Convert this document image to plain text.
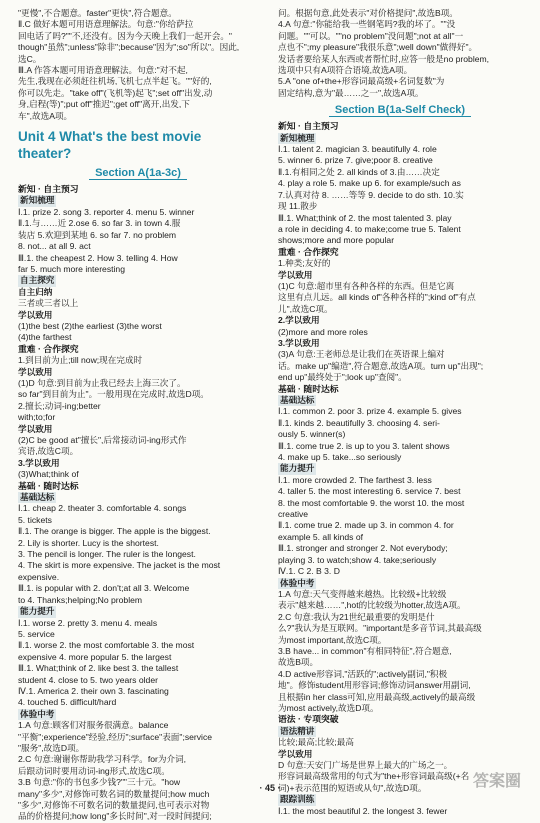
"更慢",不合题意。faster"更快",符合题意。

Ⅱ.C 做好本题可用语意理解法。句意:"你给萨拉

回电话了吗?""不,还没有。因为今天晚上我们一起开会。"

though"虽然";unless"除非";because"因为";so"所以"。因此,

选C。

Ⅲ.A 作答本题可用语意理解法。句意:"对不起,

先生,我现在必须赶往机场,飞机七点半起飞。""好的,

你可以先走。"take off"(飞机等)起飞";set off"出发,动

身,启程(等)";put off"推迟";get off"离开,出发,下

车",故选A项。

Unit 4 What's the best movie theater?
Section A(1a-3c)

新知 · 自主预习

新知梳理

Ⅰ.1. prize 2. song 3. reporter 4. menu 5. winner

Ⅱ.1.与……近 2.ose 6. so far 3. in town 4.服

装店 5.欢迎到某地 6. so far 7. no problem

8. not... at all 9. act

Ⅲ.1. the cheapest 2. How 3. telling 4. How

far 5. much more interesting

自主探究

自主归纳

三者或三者以上

学以致用

(1)the best (2)the earliest (3)the worst

(4)the farthest

重难 · 合作探究

1.到目前为止;till now;现在完成时

学以致用

(1)D 句意:到目前为止我已经去上海三次了。

so far"到目前为止"。一般用现在完成时,故选D项。

2.擅长;动词-ing;better

with;to;for

学以致用

(2)C be good at"擅长",后常接动词-ing形式作

宾语,故选C项。

3.学以致用

(3)What;think of

基础 · 随时达标

基础达标

Ⅰ.1. cheap 2. theater 3. comfortable 4. songs

5. tickets

Ⅱ.1. The orange is bigger. The apple is the biggest.

2. Lily is shorter. Lucy is the shortest.

3. The pencil is longer. The ruler is the longest.

4. The skirt is more expensive. The jacket is the most

expensive.

Ⅲ.1. is popular with 2. don't;at all 3. Welcome

to 4. Thanks;helping;No problem

能力提升

Ⅰ.1. worse 2. pretty 3. menu 4. meals

5. service

Ⅱ.1. worse 2. the most comfortable 3. the most

expensive 4. more popular 5. the largest

Ⅲ.1. What;think of 2. like best 3. the tallest

student 4. close to 5. two years older

Ⅳ.1. America 2. their own 3. fascinating

4. touched 5. difficult/hard

体验中考

1.A 句意:顾客们对服务很满意。balance

"平衡";experience"经验,经历";surface"表面";service

"服务",故选D项。

2.C 句意:谢谢你帮助我学习科学。for为介词,

后跟动词时要用动词-ing形式,故选C项。

3.B 句意:"你的书包多少钱?""三十元。"how

many"多少",对修饰可数名词的数量提问;how much

"多少",对修饰不可数名词的数量提问,也可表示对物

品的价格提问;how long"多长时间",对一段时间提问;

问。根据句意,此处表示"对价格提问",故选B项。

4.A 句意:"你能给我一些钢笔吗?我的坏了。""没

问题。""可以。""no problem"没问题";not at all"一

点也不";my pleasure"我很乐意";well down"做得好"。

发话者要给某人东西或者帮忙时,应答一般是no problem,

选项中只有A项符合语境,故选A项。

5.A "one of+the+形容词最高级+名词复数"为

固定结构,意为"最……之一",故选A项。

Section B(1a-Self Check)

新知 · 自主预习

新知梳理

Ⅰ.1. talent 2. magician 3. beautifully 4. role

5. winner 6. prize 7. give;poor 8. creative

Ⅱ.1.有相同之处 2. all kinds of 3.由……决定

4. play a role 5. make up 6. for example/such as

7.认真对待 8. ……等等 9. decide to do sth. 10.实

现 11.散步

Ⅲ.1. What;think of 2. the most talented 3. play

a role in deciding 4. to make;come true 5. Talent

shows;more and more popular

重难 · 合作探究

1.种类;友好的

学以致用

(1)C 句意:超市里有各种各样的东西。但是它离

这里有点儿远。all kinds of"各种各样的";kind of"有点

儿",故选C项。

2.学以致用

(2)more and more roles

3.学以致用

(3)A 句意:王老师总是让我们在英语课上编对

话。make up"编造",符合题意,故选A项。turn up"出现";

end up"最终处于";look up"查阅"。

基础 · 随时达标

基础达标

Ⅰ.1. common 2. poor 3. prize 4. example 5. gives

Ⅱ.1. kinds 2. beautifully 3. choosing 4. seri-

ously 5. winner(s)

Ⅲ.1. come true 2. is up to you 3. talent shows

4. make up 5. take...so seriously

能力提升

Ⅰ.1. more crowded 2. The farthest 3. less

4. taller 5. the most interesting 6. service 7. best

8. the most comfortable 9. the worst 10. the most

creative

Ⅱ.1. come true 2. made up 3. in common 4. for

example 5. all kinds of

Ⅲ.1. stronger and stronger 2. Not everybody;

playing 3. to watch;show 4. take;seriously

Ⅳ.1. C 2. B 3. D

体验中考

1.A 句意:天气变得越来越热。比较级+比较级

表示"越来越……",hot的比较级为hotter,故选A项。

2.C 句意:我认为21世纪最重要的发明是什

么?"我认为是互联网。"important是多音节词,其最高级

为most important,故选C项。

3.B have... in common"有相同特征",符合题意,

故选B项。

4.D active形容词,"活跃的";actively副词,"积极

地"。修饰student用形容词;修饰动词answer用副词,

且根据in her class可知,应用最高级,actively的最高级

为most actively,故选D项。

语法 · 专项突破

语法精讲

比较;最高;比较;最高

学以致用

D 句意:天安门广场是世界上最大的广场之一。

形容词最高级常用的句式为"the+形容词最高级(+名

词)+表示范围的短语或从句",故选D项。

跟踪训练

Ⅰ.1. the most beautiful 2. the longest 3. fewer

· 45 ·	答案圈
